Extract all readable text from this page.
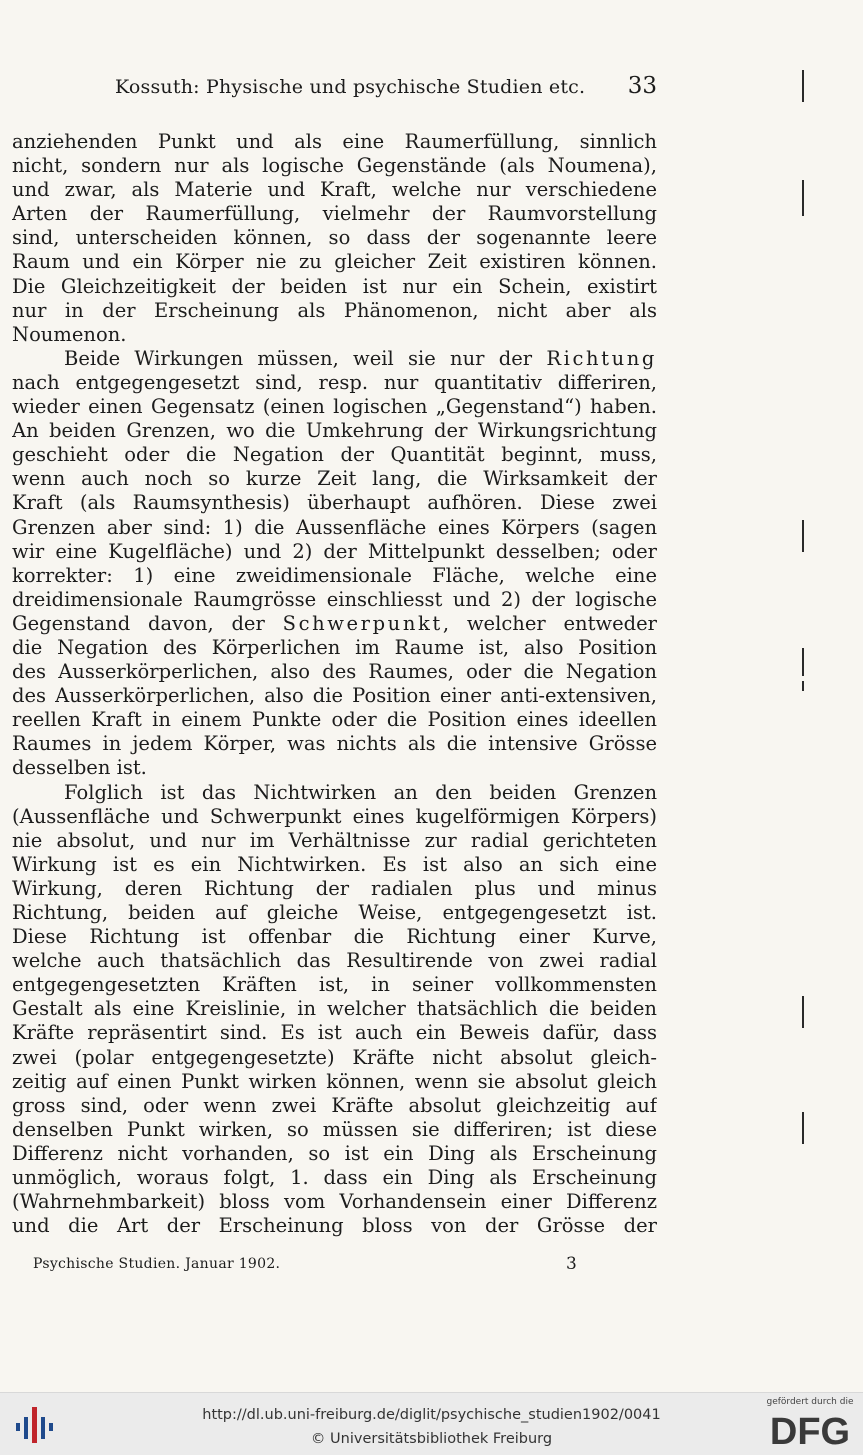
Kossuth: Physische und psychische Studien etc. 33

anziehenden Punkt und als eine Raumerfüllung, sinnlich
nicht, sondern nur als logische Gegenstände (als Noumena),
und zwar, als Materie und Kraft, welche nur verschiedene
Arten der Raumerfüllung, vielmehr der Raumvorstellung
sind, unterscheiden können, so dass der sogenannte leere
Raum und ein Körper nie zu gleicher Zeit existiren können.
Die Gleichzeitigkeit der beiden ist nur ein Schein, existirt
nur in der Erscheinung als Phänomenon, nicht aber als
Noumenon.

Beide Wirkungen müssen, weil sie nur der Richtung
nach entgegengesetzt sind, resp. nur quantitativ differiren,
wieder einen Gegensatz (einen logischen „Gegenstand“) haben.
An beiden Grenzen, wo die Umkehrung der Wirkungsrichtung
geschieht oder die Negation der Quantität beginnt, muss,
wenn auch noch so kurze Zeit lang, die Wirksamkeit der
Kraft (als Raumsynthesis) überhaupt aufhören. Diese zwei
Grenzen aber sind: 1) die Aussenfläche eines Körpers (sagen
wir eine Kugelfläche) und 2) der Mittelpunkt desselben; oder
korrekter: 1) eine zweidimensionale Fläche, welche eine
dreidimensionale Raumgrösse einschliesst und 2) der logische
Gegenstand davon, der Schwerpunkt, welcher entweder
die Negation des Körperlichen im Raume ist, also Position
des Ausserkörperlichen, also des Raumes, oder die Negation
des Ausserkörperlichen, also die Position einer anti-extensiven,
reellen Kraft in einem Punkte oder die Position eines ideellen
Raumes in jedem Körper, was nichts als die intensive Grösse
desselben ist.

Folglich ist das Nichtwirken an den beiden Grenzen
(Aussenfläche und Schwerpunkt eines kugelförmigen Körpers)
nie absolut, und nur im Verhältnisse zur radial gerichteten
Wirkung ist es ein Nichtwirken. Es ist also an sich eine
Wirkung, deren Richtung der radialen plus und minus
Richtung, beiden auf gleiche Weise, entgegengesetzt ist.
Diese Richtung ist offenbar die Richtung einer Kurve,
welche auch thatsächlich das Resultirende von zwei radial
entgegengesetzten Kräften ist, in seiner vollkommensten
Gestalt als eine Kreislinie, in welcher thatsächlich die beiden
Kräfte repräsentirt sind. Es ist auch ein Beweis dafür, dass
zwei (polar entgegengesetzte) Kräfte nicht absolut gleich-
zeitig auf einen Punkt wirken können, wenn sie absolut gleich
gross sind, oder wenn zwei Kräfte absolut gleichzeitig auf
denselben Punkt wirken, so müssen sie differiren; ist diese
Differenz nicht vorhanden, so ist ein Ding als Erscheinung
unmöglich, woraus folgt, 1. dass ein Ding als Erscheinung
(Wahrnehmbarkeit) bloss vom Vorhandensein einer Differenz
und die Art der Erscheinung bloss von der Grösse der

Psychische Studien. Januar 1902.	3
http://dl.ub.uni-freiburg.de/diglit/psychische_studien1902/0041
© Universitätsbibliothek Freiburg
gefördert durch die
DFG
